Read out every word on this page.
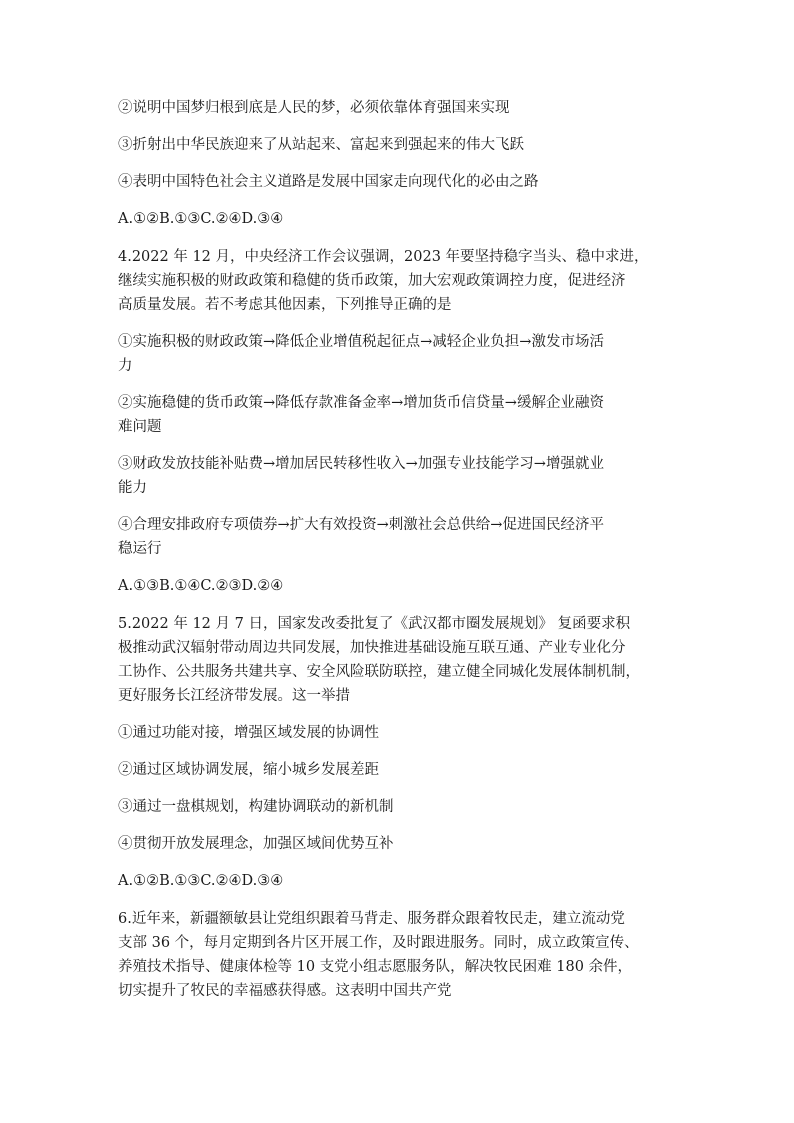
②说明中国梦归根到底是人民的梦，必须依靠体育强国来实现

③折射出中华民族迎来了从站起来、富起来到强起来的伟大飞跃

④表明中国特色社会主义道路是发展中国家走向现代化的必由之路

A.①②B.①③C.②④D.③④

4.2022 年 12 月，中央经济工作会议强调，2023 年要坚持稳字当头、稳中求进，

继续实施积极的财政政策和稳健的货币政策，加大宏观政策调控力度，促进经济

高质量发展。若不考虑其他因素，下列推导正确的是

①实施积极的财政政策→降低企业增值税起征点→减轻企业负担→激发市场活

力

②实施稳健的货币政策→降低存款准备金率→增加货币信贷量→缓解企业融资

难问题

③财政发放技能补贴费→增加居民转移性收入→加强专业技能学习→增强就业

能力

④合理安排政府专项债券→扩大有效投资→刺激社会总供给→促进国民经济平

稳运行

A.①③B.①④C.②③D.②④

5.2022 年 12 月 7 日，国家发改委批复了《武汉都市圈发展规划》 复函要求积

极推动武汉辐射带动周边共同发展，加快推进基础设施互联互通、产业专业化分

工协作、公共服务共建共享、安全风险联防联控，建立健全同城化发展体制机制，

更好服务长江经济带发展。这一举措

①通过功能对接，增强区域发展的协调性

②通过区域协调发展，缩小城乡发展差距

③通过一盘棋规划，构建协调联动的新机制

④贯彻开放发展理念，加强区域间优势互补

A.①②B.①③C.②④D.③④

6.近年来，新疆额敏县让党组织跟着马背走、服务群众跟着牧民走，建立流动党

支部 36 个，每月定期到各片区开展工作，及时跟进服务。同时，成立政策宣传、

养殖技术指导、健康体检等 10 支党小组志愿服务队，解决牧民困难 180 余件，

切实提升了牧民的幸福感获得感。这表明中国共产党
